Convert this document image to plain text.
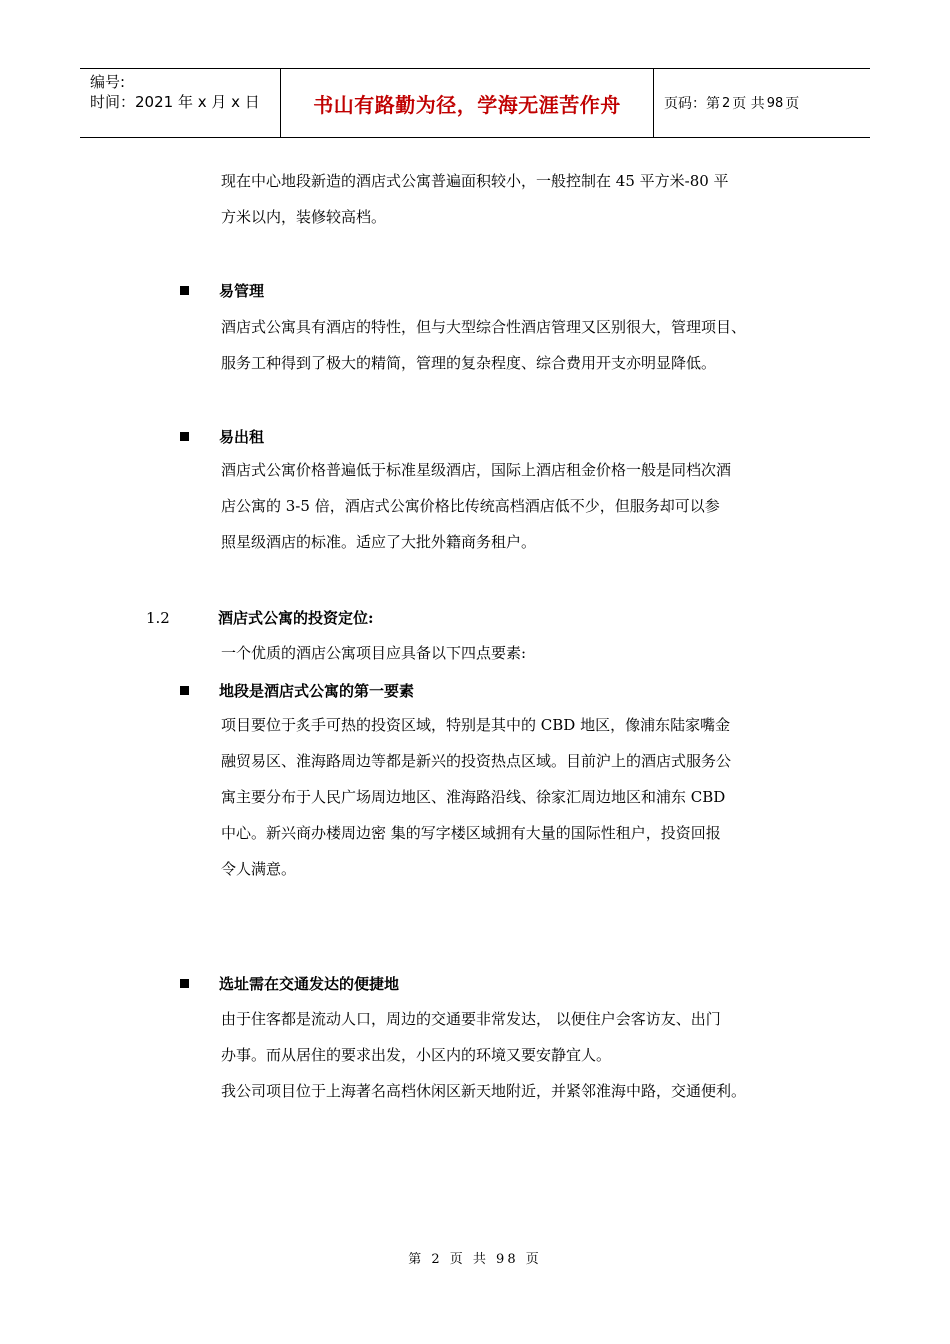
编号:
时间：2021 年 x 月 x 日	书山有路勤为径，学海无涯苦作舟	页码：第 2 页 共 98 页
现在中心地段新造的酒店式公寓普遍面积较小，一般控制在 45 平方米-80 平
方米以内，装修较高档。
易管理
酒店式公寓具有酒店的特性，但与大型综合性酒店管理又区别很大，管理项目、
服务工种得到了极大的精简，管理的复杂程度、综合费用开支亦明显降低。
易出租
酒店式公寓价格普遍低于标准星级酒店，国际上酒店租金价格一般是同档次酒
店公寓的 3-5 倍，酒店式公寓价格比传统高档酒店低不少，但服务却可以参
照星级酒店的标准。适应了大批外籍商务租户。
1.2	酒店式公寓的投资定位:
一个优质的酒店公寓项目应具备以下四点要素:
地段是酒店式公寓的第一要素
项目要位于炙手可热的投资区域，特别是其中的 CBD 地区，像浦东陆家嘴金
融贸易区、淮海路周边等都是新兴的投资热点区域。目前沪上的酒店式服务公
寓主要分布于人民广场周边地区、淮海路沿线、徐家汇周边地区和浦东 CBD
中心。新兴商办楼周边密 集的写字楼区域拥有大量的国际性租户，投资回报
令人满意。
选址需在交通发达的便捷地
由于住客都是流动人口，周边的交通要非常发达， 以便住户会客访友、出门
办事。而从居住的要求出发，小区内的环境又要安静宜人。
我公司项目位于上海著名高档休闲区新天地附近，并紧邻淮海中路，交通便利。
第 2 页 共 98 页
